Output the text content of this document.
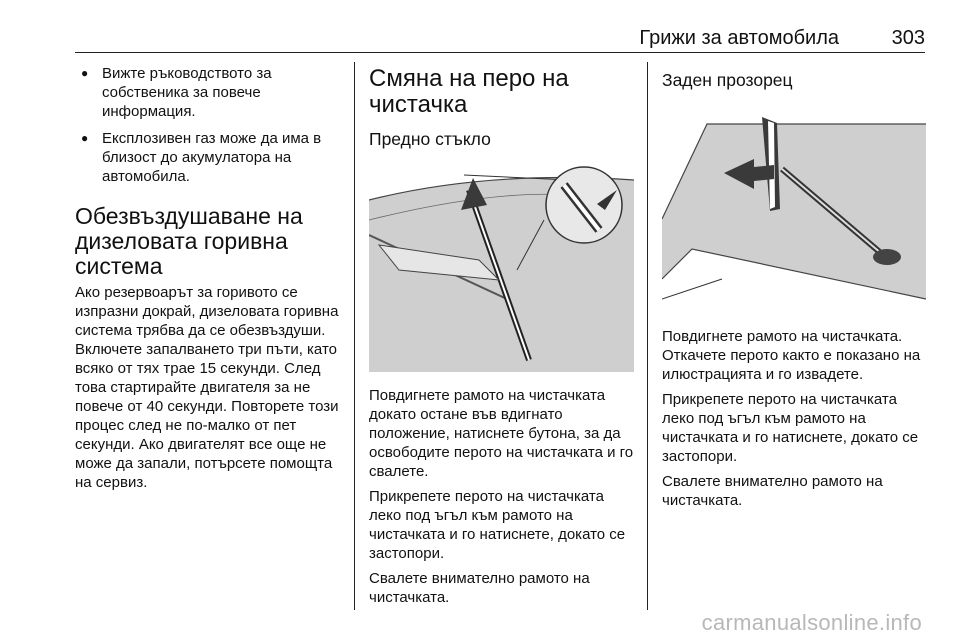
Грижи за автомобила	303
● Вижте ръководството за собственика за повече информация.
● Експлозивен газ може да има в близост до акумулатора на автомобила.
Обезвъздушаване на дизеловата горивна система

Ако резервоарът за горивото се изпразни докрай, дизеловата горивна система трябва да се обезвъздуши. Включете запалването три пъти, като всяко от тях трае 15 секунди. След това стартирайте двигателя за не повече от 40 секунди. Повторете този процес след не по-малко от пет секунди. Ако двигателят все още не може да запали, потърсете помощта на сервиз.

Смяна на перо на чистачка
Предно стъкло

Повдигнете рамото на чистачката докато остане във вдигнато положение, натиснете бутона, за да освободите перото на чистачката и го свалете.

Прикрепете перото на чистачката леко под ъгъл към рамото на чистачката и го натиснете, докато се застопори.

Свалете внимателно рамото на чистачката.

Заден прозорец

Повдигнете рамото на чистачката. Откачете перото както е показано на илюстрацията и го извадете.

Прикрепете перото на чистачката леко под ъгъл към рамото на чистачката и го натиснете, докато се застопори.

Свалете внимателно рамото на чистачката.

carmanualsonline.info
